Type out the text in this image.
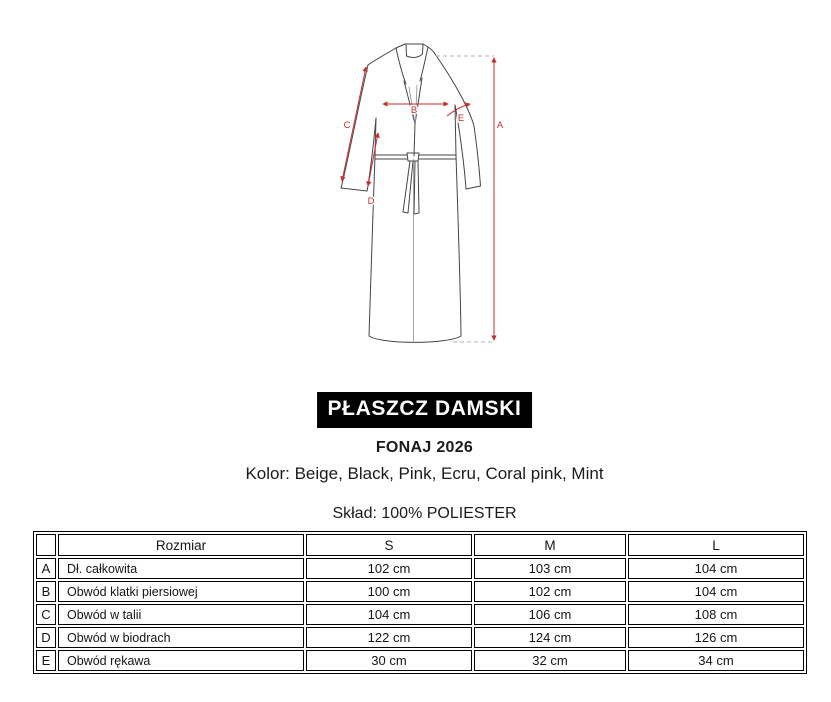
A
B
C
D
E
PŁASZCZ DAMSKI
FONAJ 2026
Kolor: Beige, Black, Pink, Ecru, Coral pink, Mint
Skład: 100% POLIESTER
	Rozmiar	S	M	L
A	Dł. całkowita	102 cm	103 cm	104 cm
B	Obwód klatki piersiowej	100 cm	102 cm	104 cm
C	Obwód w talii	104 cm	106 cm	108 cm
D	Obwód w biodrach	122 cm	124 cm	126 cm
E	Obwód rękawa	30 cm	32 cm	34 cm
